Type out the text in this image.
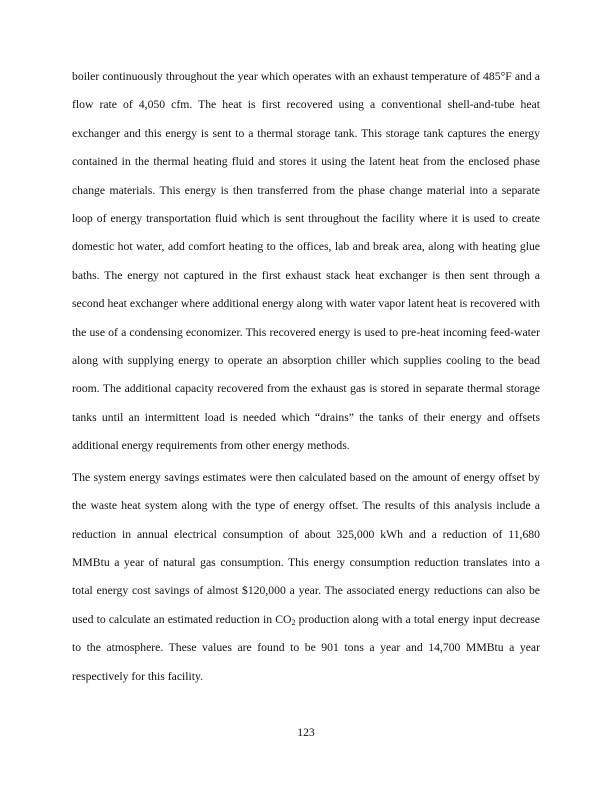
boiler continuously throughout the year which operates with an exhaust temperature of 485°F and a flow rate of 4,050 cfm. The heat is first recovered using a conventional shell-and-tube heat exchanger and this energy is sent to a thermal storage tank. This storage tank captures the energy contained in the thermal heating fluid and stores it using the latent heat from the enclosed phase change materials. This energy is then transferred from the phase change material into a separate loop of energy transportation fluid which is sent throughout the facility where it is used to create domestic hot water, add comfort heating to the offices, lab and break area, along with heating glue baths. The energy not captured in the first exhaust stack heat exchanger is then sent through a second heat exchanger where additional energy along with water vapor latent heat is recovered with the use of a condensing economizer. This recovered energy is used to pre-heat incoming feed-water along with supplying energy to operate an absorption chiller which supplies cooling to the bead room. The additional capacity recovered from the exhaust gas is stored in separate thermal storage tanks until an intermittent load is needed which “drains” the tanks of their energy and offsets additional energy requirements from other energy methods.

The system energy savings estimates were then calculated based on the amount of energy offset by the waste heat system along with the type of energy offset. The results of this analysis include a reduction in annual electrical consumption of about 325,000 kWh and a reduction of 11,680 MMBtu a year of natural gas consumption. This energy consumption reduction translates into a total energy cost savings of almost $120,000 a year. The associated energy reductions can also be used to calculate an estimated reduction in $CO_2$ production along with a total energy input decrease to the atmosphere. These values are found to be 901 tons a year and 14,700 MMBtu a year respectively for this facility.

123
